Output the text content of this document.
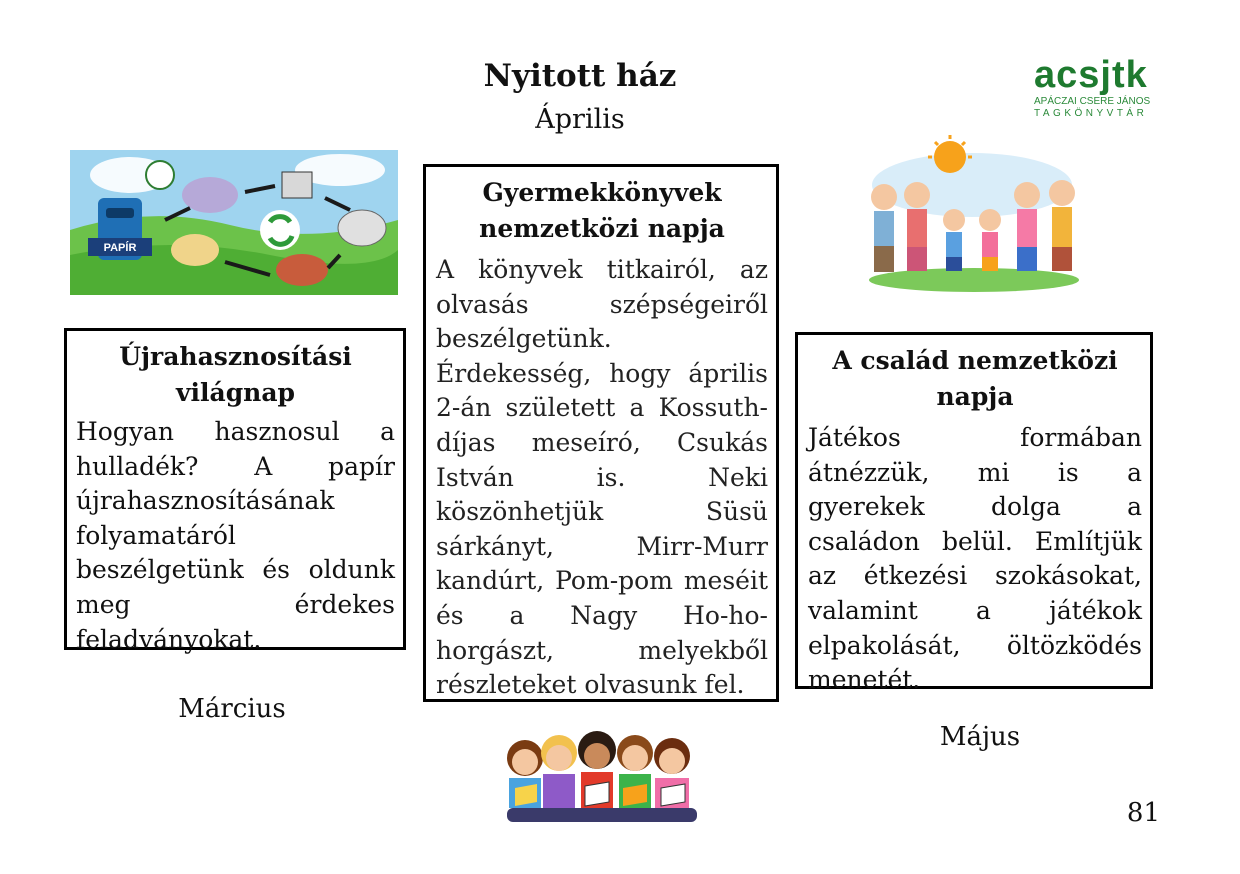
Nyitott ház
Április
acsjtk
APÁCZAI CSERE JÁNOS
TAGKÖNYVTÁR
PAPÍR
Újrahasznosítási világnap

Hogyan hasznosul a hulladék? A papír újrahasznosításának folyamatáról beszélgetünk és oldunk meg érdekes feladványokat.

Gyermekkönyvek nemzetközi napja

A könyvek titkairól, az olvasás szépségeiről beszélgetünk. Érdekesség, hogy április 2-án született a Kossuth-díjas meseíró, Csukás István is. Neki köszönhetjük Süsü sárkányt, Mirr-Murr kandúrt, Pom-pom meséit és a Nagy Ho-ho-horgászt, melyekből részleteket olvasunk fel.

A család nemzetközi napja

Játékos formában átnézzük, mi is a gyerekek dolga a családon belül. Említjük az étkezési szokásokat, valamint a játékok elpakolását, öltözködés menetét.

Március
Május
81
